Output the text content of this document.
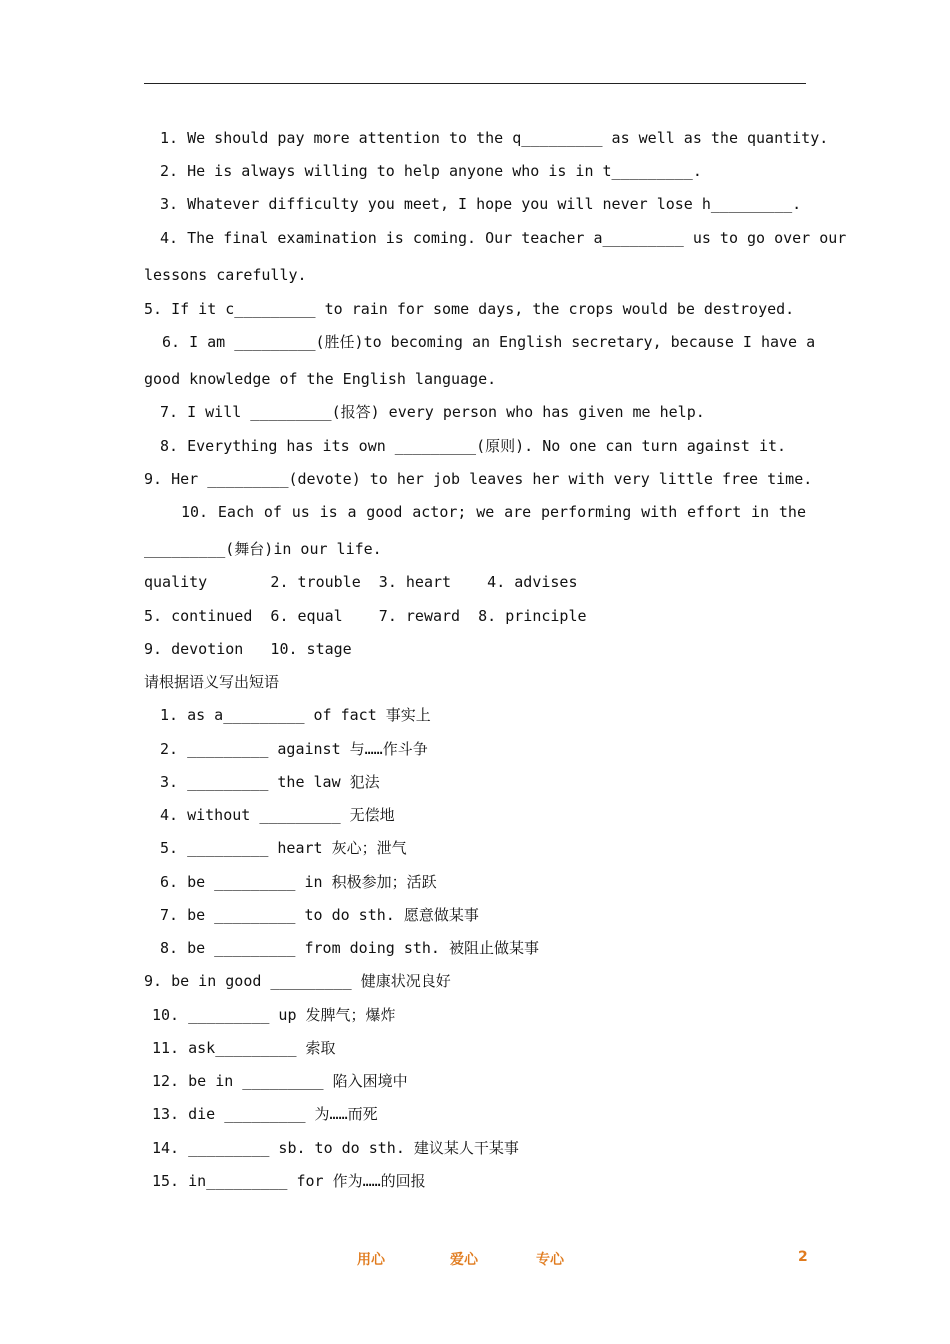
1. We should pay more attention to the q_________ as well as the quantity.
2. He is always willing to help anyone who is in t_________.
3. Whatever difficulty you meet, I hope you will never lose h_________.
4. The final examination is coming. Our teacher a_________ us to go over our
lessons carefully.
5. If it c_________ to rain for some days, the crops would be destroyed.
6. I am _________(胜任)to becoming an English secretary, because I have a
good knowledge of the English language.
7. I will _________(报答) every person who has given me help.
8. Everything has its own _________(原则). No one can turn against it.
9. Her _________(devote) to her job leaves her with very little free time.
10. Each of us is a good actor; we are performing with effort in the
_________(舞台)in our life.
quality       2. trouble  3. heart    4. advises
5. continued  6. equal    7. reward  8. principle
9. devotion   10. stage
请根据语义写出短语
1. as a_________ of fact 事实上
2. _________ against 与……作斗争
3. _________ the law 犯法
4. without _________ 无偿地
5. _________ heart 灰心；泄气
6. be _________ in 积极参加；活跃
7. be _________ to do sth. 愿意做某事
8. be _________ from doing sth. 被阻止做某事
9. be in good _________ 健康状况良好
10. _________ up 发脾气；爆炸
11. ask_________ 索取
12. be in _________ 陷入困境中
13. die _________ 为……而死
14. _________ sb. to do sth. 建议某人干某事
15. in_________ for 作为……的回报
用心	爱心	专心	2
